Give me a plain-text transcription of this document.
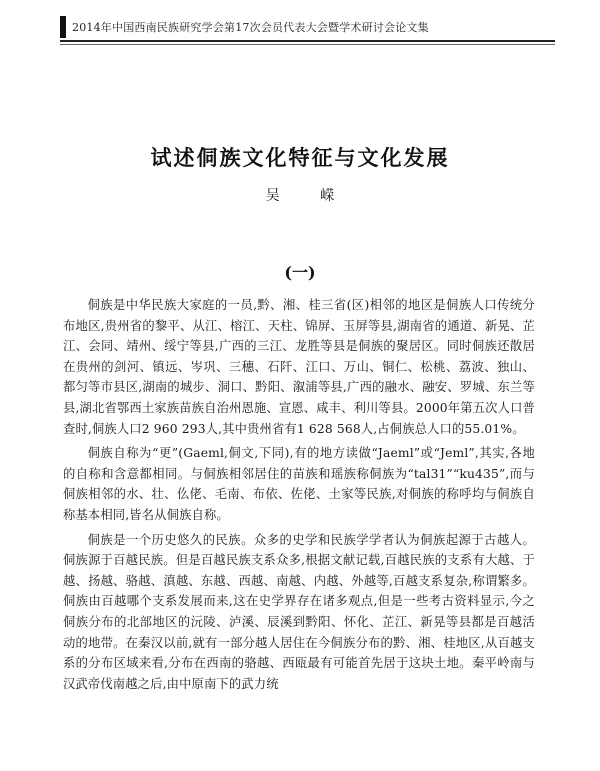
2014年中国西南民族研究学会第17次会员代表大会暨学术研讨会论文集
试述侗族文化特征与文化发展
吴 嵘
(一)

侗族是中华民族大家庭的一员,黔、湘、桂三省(区)相邻的地区是侗族人口传统分布地区,贵州省的黎平、从江、榕江、天柱、锦屏、玉屏等县,湖南省的通道、新晃、芷江、会同、靖州、绥宁等县,广西的三江、龙胜等县是侗族的聚居区。同时侗族还散居在贵州的剑河、镇远、岑巩、三穗、石阡、江口、万山、铜仁、松桃、荔波、独山、都匀等市县区,湖南的城步、洞口、黔阳、溆浦等县,广西的融水、融安、罗城、东兰等县,湖北省鄂西土家族苗族自治州恩施、宣恩、咸丰、利川等县。2000年第五次人口普查时,侗族人口2 960 293人,其中贵州省有1 628 568人,占侗族总人口的55.01%。

侗族自称为“更”(Gaeml,侗文,下同),有的地方读做“Jaeml”或“Jeml”,其实,各地的自称和含意都相同。与侗族相邻居住的苗族和瑶族称侗族为“tal31”“ku435”,而与侗族相邻的水、壮、仫佬、毛南、布依、佐佬、土家等民族,对侗族的称呼均与侗族自称基本相同,皆名从侗族自称。

侗族是一个历史悠久的民族。众多的史学和民族学学者认为侗族起源于古越人。侗族源于百越民族。但是百越民族支系众多,根据文献记载,百越民族的支系有大越、于越、扬越、骆越、滇越、东越、西越、南越、内越、外越等,百越支系复杂,称谓繁多。侗族由百越哪个支系发展而来,这在史学界存在诸多观点,但是一些考古资料显示,今之侗族分布的北部地区的沅陵、泸溪、辰溪到黔阳、怀化、芷江、新晃等县都是百越活动的地带。在秦汉以前,就有一部分越人居住在今侗族分布的黔、湘、桂地区,从百越支系的分布区域来看,分布在西南的骆越、西瓯最有可能首先居于这块土地。秦平岭南与汉武帝伐南越之后,由中原南下的武力统
